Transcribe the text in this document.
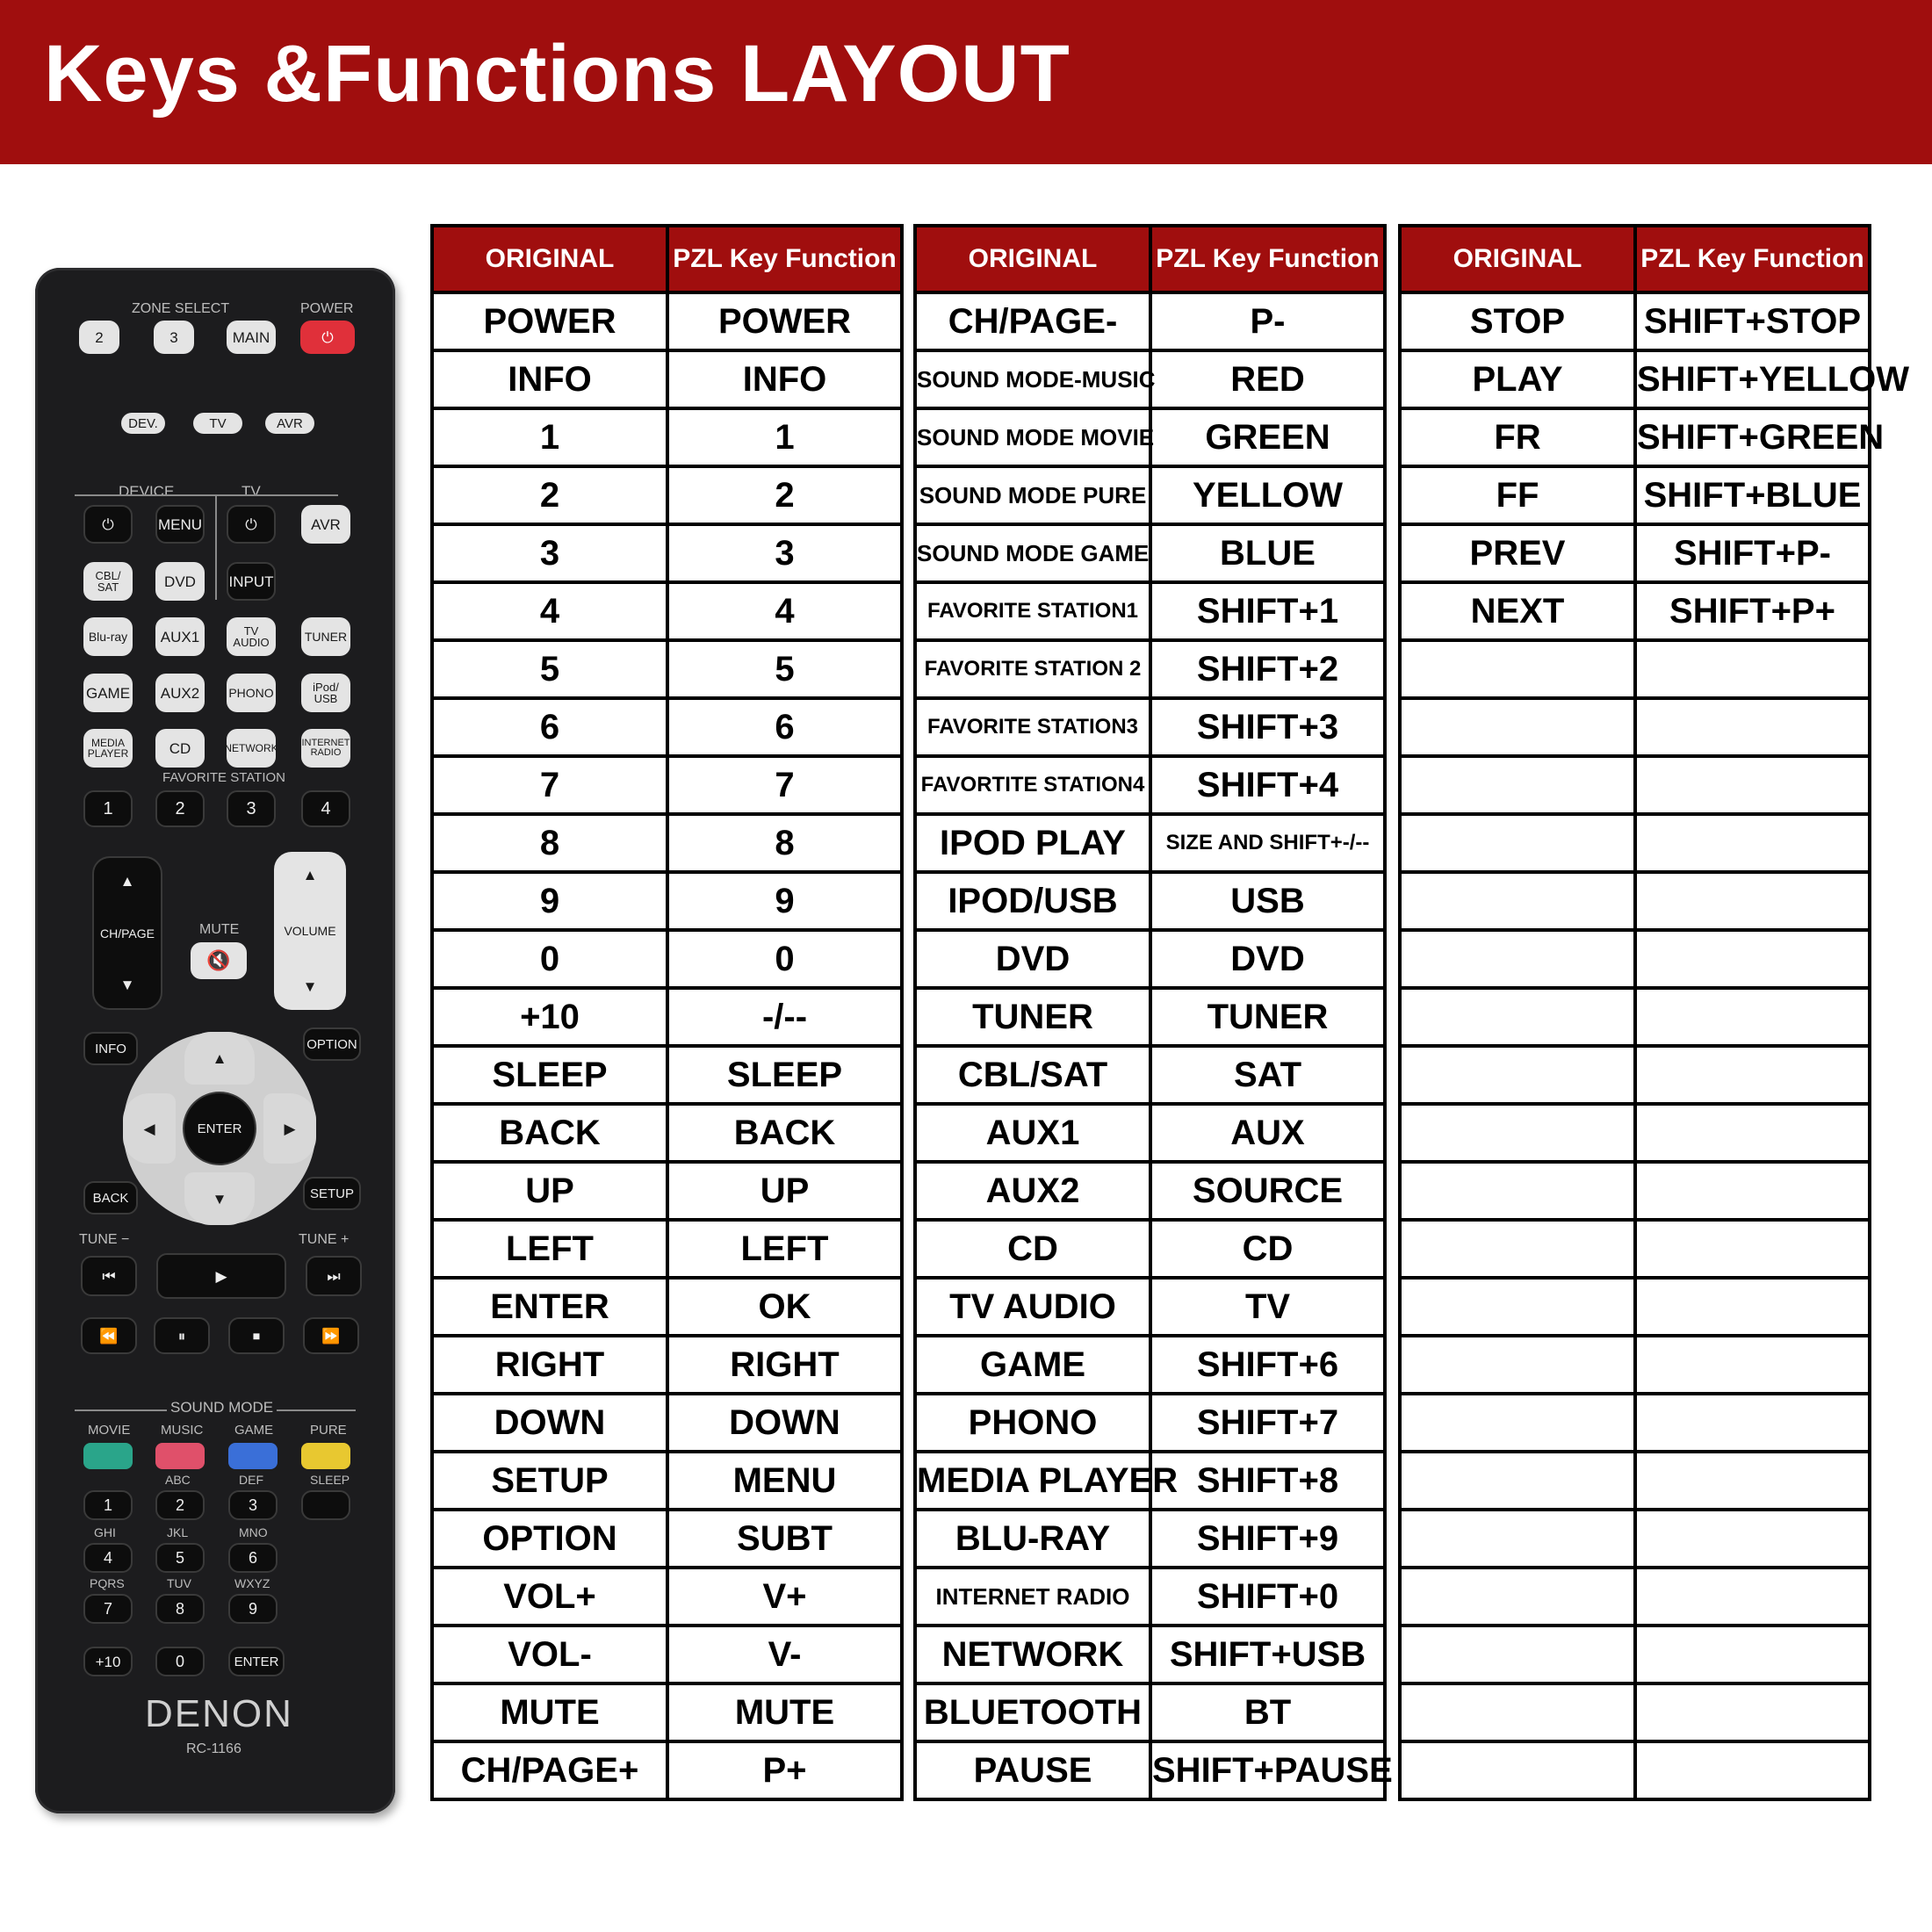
Keys &Functions LAYOUT
ZONE SELECT	POWER
2	3	MAIN	⏻
DEV.	TV	AVR
DEVICE	TV
⏻	MENU	⏻	AVR
CBL/ SAT	DVD	INPUT
Blu-ray	AUX1	TV AUDIO	TUNER
GAME	AUX2	PHONO	iPod/ USB
MEDIA PLAYER	CD	NETWORK INTERNET RADIO
FAVORITE STATION
1	2	3	4
▲
CH/PAGE
▼
MUTE
🔇
▲
VOLUME
▼
INFO	OPTION
▲
▼
◀	▶
ENTER
BACK	SETUP
TUNE −	TUNE +
⏮	▶	⏭
⏪	⏸	⏹	⏩
SOUND MODE
MOVIE MUSIC GAME	PURE
ABC	DEF	SLEEP
1	2	3
GHI	JKL	MNO
4	5	6
PQRS	TUV	WXYZ
7	8	9
+10	0	ENTER
DENON
RC-1166
ORIGINAL	PZL Key Function
POWER	POWER
INFO	INFO
1	1
2	2
3	3
4	4
5	5
6	6
7	7
8	8
9	9
0	0
+10	-/--
SLEEP	SLEEP
BACK	BACK
UP	UP
LEFT	LEFT
ENTER	OK
RIGHT	RIGHT
DOWN	DOWN
SETUP	MENU
OPTION	SUBT
VOL+	V+
VOL-	V-
MUTE	MUTE
CH/PAGE+	P+
ORIGINAL	PZL Key Function
CH/PAGE-	P-
SOUND MODE-MUSIC	RED
SOUND MODE MOVIE	GREEN
SOUND MODE PURE	YELLOW
SOUND MODE GAME	BLUE
FAVORITE STATION1	SHIFT+1
FAVORITE STATION 2	SHIFT+2
FAVORITE STATION3	SHIFT+3
FAVORTITE STATION4	SHIFT+4
IPOD PLAY	SIZE AND SHIFT+-/--
IPOD/USB	USB
DVD	DVD
TUNER	TUNER
CBL/SAT	SAT
AUX1	AUX
AUX2	SOURCE
CD	CD
TV AUDIO	TV
GAME	SHIFT+6
PHONO	SHIFT+7
MEDIA PLAYER	SHIFT+8
BLU-RAY	SHIFT+9
INTERNET RADIO	SHIFT+0
NETWORK	SHIFT+USB
BLUETOOTH	BT
PAUSE	SHIFT+PAUSE
ORIGINAL	PZL Key Function
STOP	SHIFT+STOP
PLAY	SHIFT+YELLOW
FR	SHIFT+GREEN
FF	SHIFT+BLUE
PREV	SHIFT+P-
NEXT	SHIFT+P+
